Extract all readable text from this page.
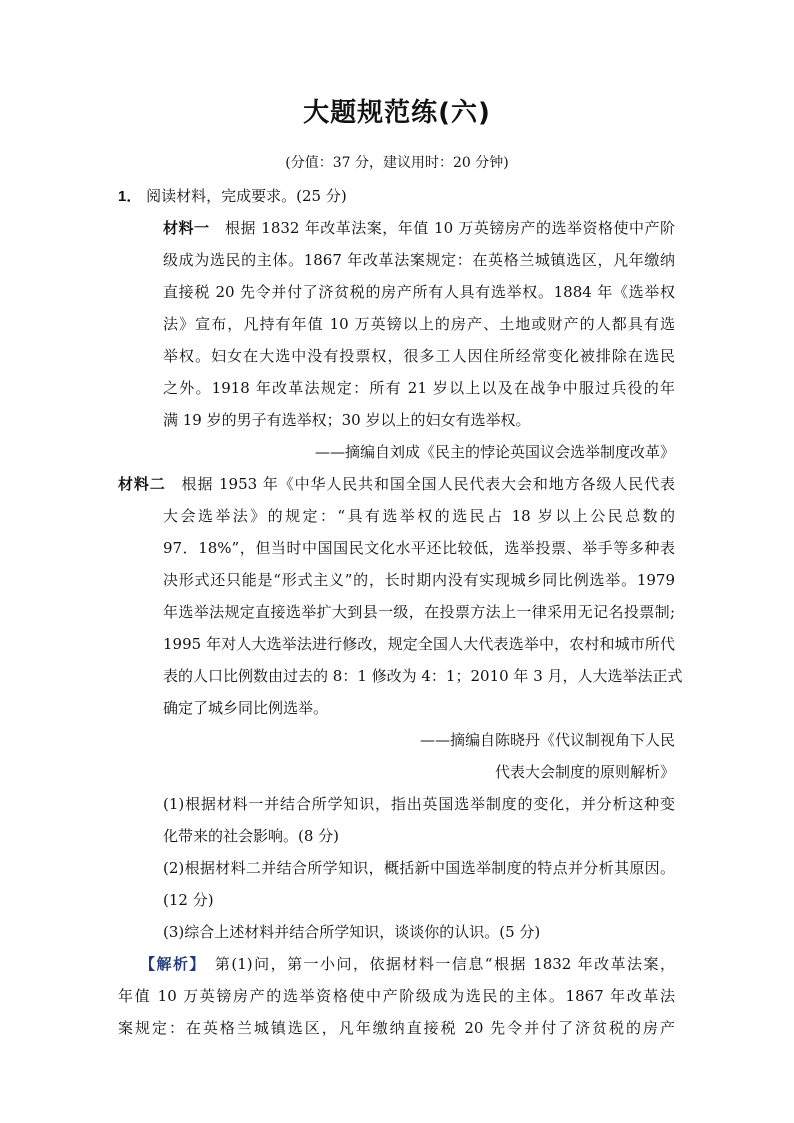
大题规范练(六)
(分值：37 分，建议用时：20 分钟)
1． 阅读材料，完成要求。(25 分)
材料一  根据 1832 年改革法案，年值 10 万英镑房产的选举资格使中产阶
级成为选民的主体。1867 年改革法案规定：在英格兰城镇选区，凡年缴纳
直接税 20 先令并付了济贫税的房产所有人具有选举权。1884 年《选举权
法》宣布，凡持有年值 10 万英镑以上的房产、土地或财产的人都具有选
举权。妇女在大选中没有投票权，很多工人因住所经常变化被排除在选民
之外。1918 年改革法规定：所有 21 岁以上以及在战争中服过兵役的年
满 19 岁的男子有选举权；30 岁以上的妇女有选举权。
——摘编自刘成《民主的悖论英国议会选举制度改革》
材料二  根据 1953 年《中华人民共和国全国人民代表大会和地方各级人民代表
大会选举法》的规定：“具有选举权的选民占 18 岁以上公民总数的
97．18%”，但当时中国国民文化水平还比较低，选举投票、举手等多种表
决形式还只能是“形式主义”的，长时期内没有实现城乡同比例选举。1979
年选举法规定直接选举扩大到县一级，在投票方法上一律采用无记名投票制;
1995 年对人大选举法进行修改，规定全国人大代表选举中，农村和城市所代
表的人口比例数由过去的 8：1 修改为 4：1；2010 年 3 月，人大选举法正式
确定了城乡同比例选举。
——摘编自陈晓丹《代议制视角下人民
代表大会制度的原则解析》
(1)根据材料一并结合所学知识，指出英国选举制度的变化，并分析这种变
化带来的社会影响。(8 分)
(2)根据材料二并结合所学知识，概括新中国选举制度的特点并分析其原因。
(12 分)
(3)综合上述材料并结合所学知识，谈谈你的认识。(5 分)
【解析】  第(1)问，第一小问，依据材料一信息“根据 1832 年改革法案，
年值 10 万英镑房产的选举资格使中产阶级成为选民的主体。1867 年改革法
案规定：在英格兰城镇选区，凡年缴纳直接税 20 先令并付了济贫税的房产
